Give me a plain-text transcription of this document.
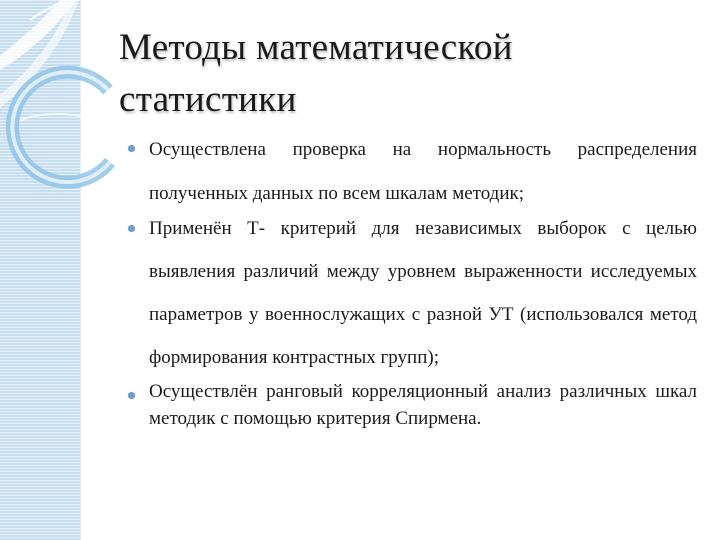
Методы математической статистики

Осуществлена проверка на нормальность распределения полученных данных по всем шкалам методик;

Применён Т- критерий для независимых выборок с целью выявления различий между уровнем выраженности исследуемых параметров у военнослужащих с разной УТ (использовался метод формирования контрастных групп);

Осуществлён ранговый корреляционный анализ различных шкал методик с помощью критерия Спирмена.
